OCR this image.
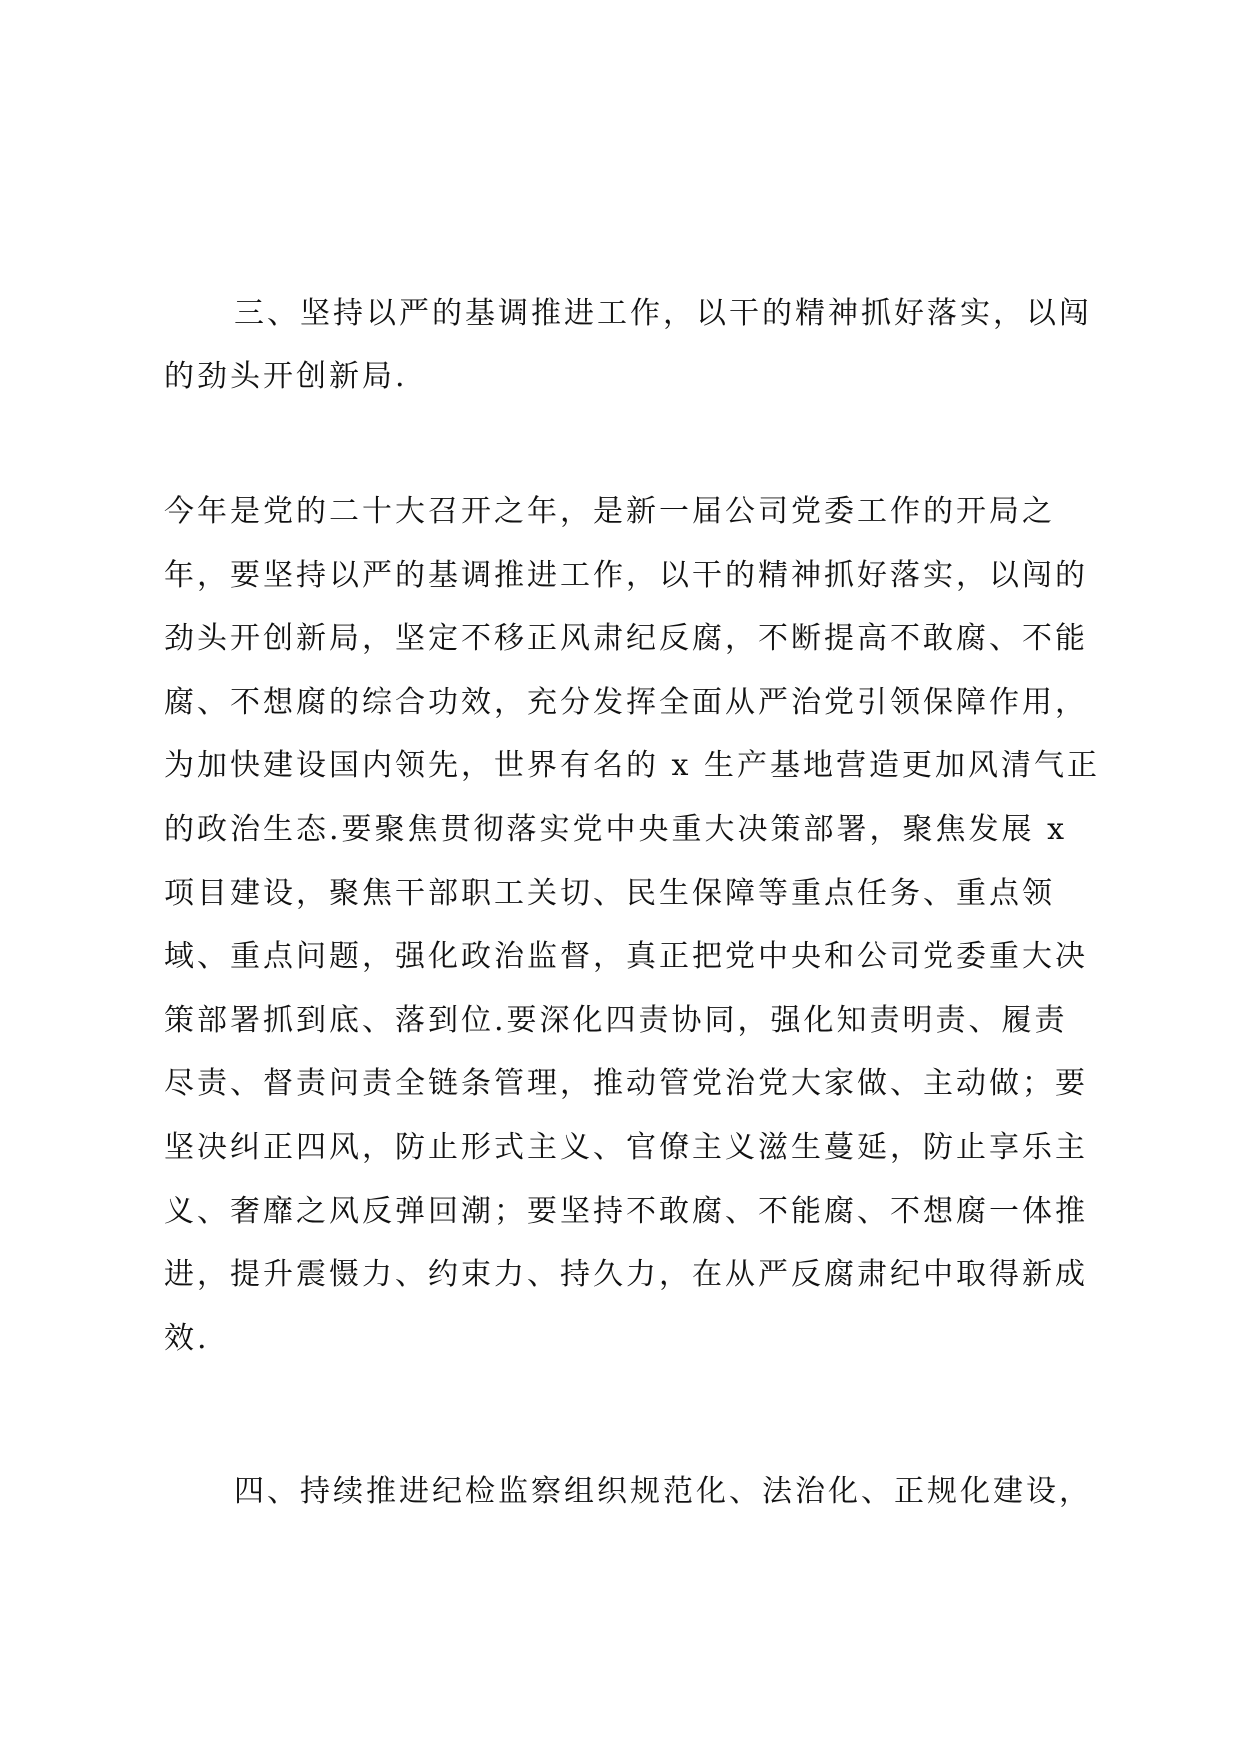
三、坚持以严的基调推进工作，以干的精神抓好落实，以闯
的劲头开创新局.
今年是党的二十大召开之年，是新一届公司党委工作的开局之
年，要坚持以严的基调推进工作，以干的精神抓好落实，以闯的
劲头开创新局，坚定不移正风肃纪反腐，不断提高不敢腐、不能
腐、不想腐的综合功效，充分发挥全面从严治党引领保障作用，
为加快建设国内领先，世界有名的 x 生产基地营造更加风清气正
的政治生态.要聚焦贯彻落实党中央重大决策部署，聚焦发展 x
项目建设，聚焦干部职工关切、民生保障等重点任务、重点领
域、重点问题，强化政治监督，真正把党中央和公司党委重大决
策部署抓到底、落到位.要深化四责协同，强化知责明责、履责
尽责、督责问责全链条管理，推动管党治党大家做、主动做；要
坚决纠正四风，防止形式主义、官僚主义滋生蔓延，防止享乐主
义、奢靡之风反弹回潮；要坚持不敢腐、不能腐、不想腐一体推
进，提升震慑力、约束力、持久力，在从严反腐肃纪中取得新成
效.
四、持续推进纪检监察组织规范化、法治化、正规化建设，
